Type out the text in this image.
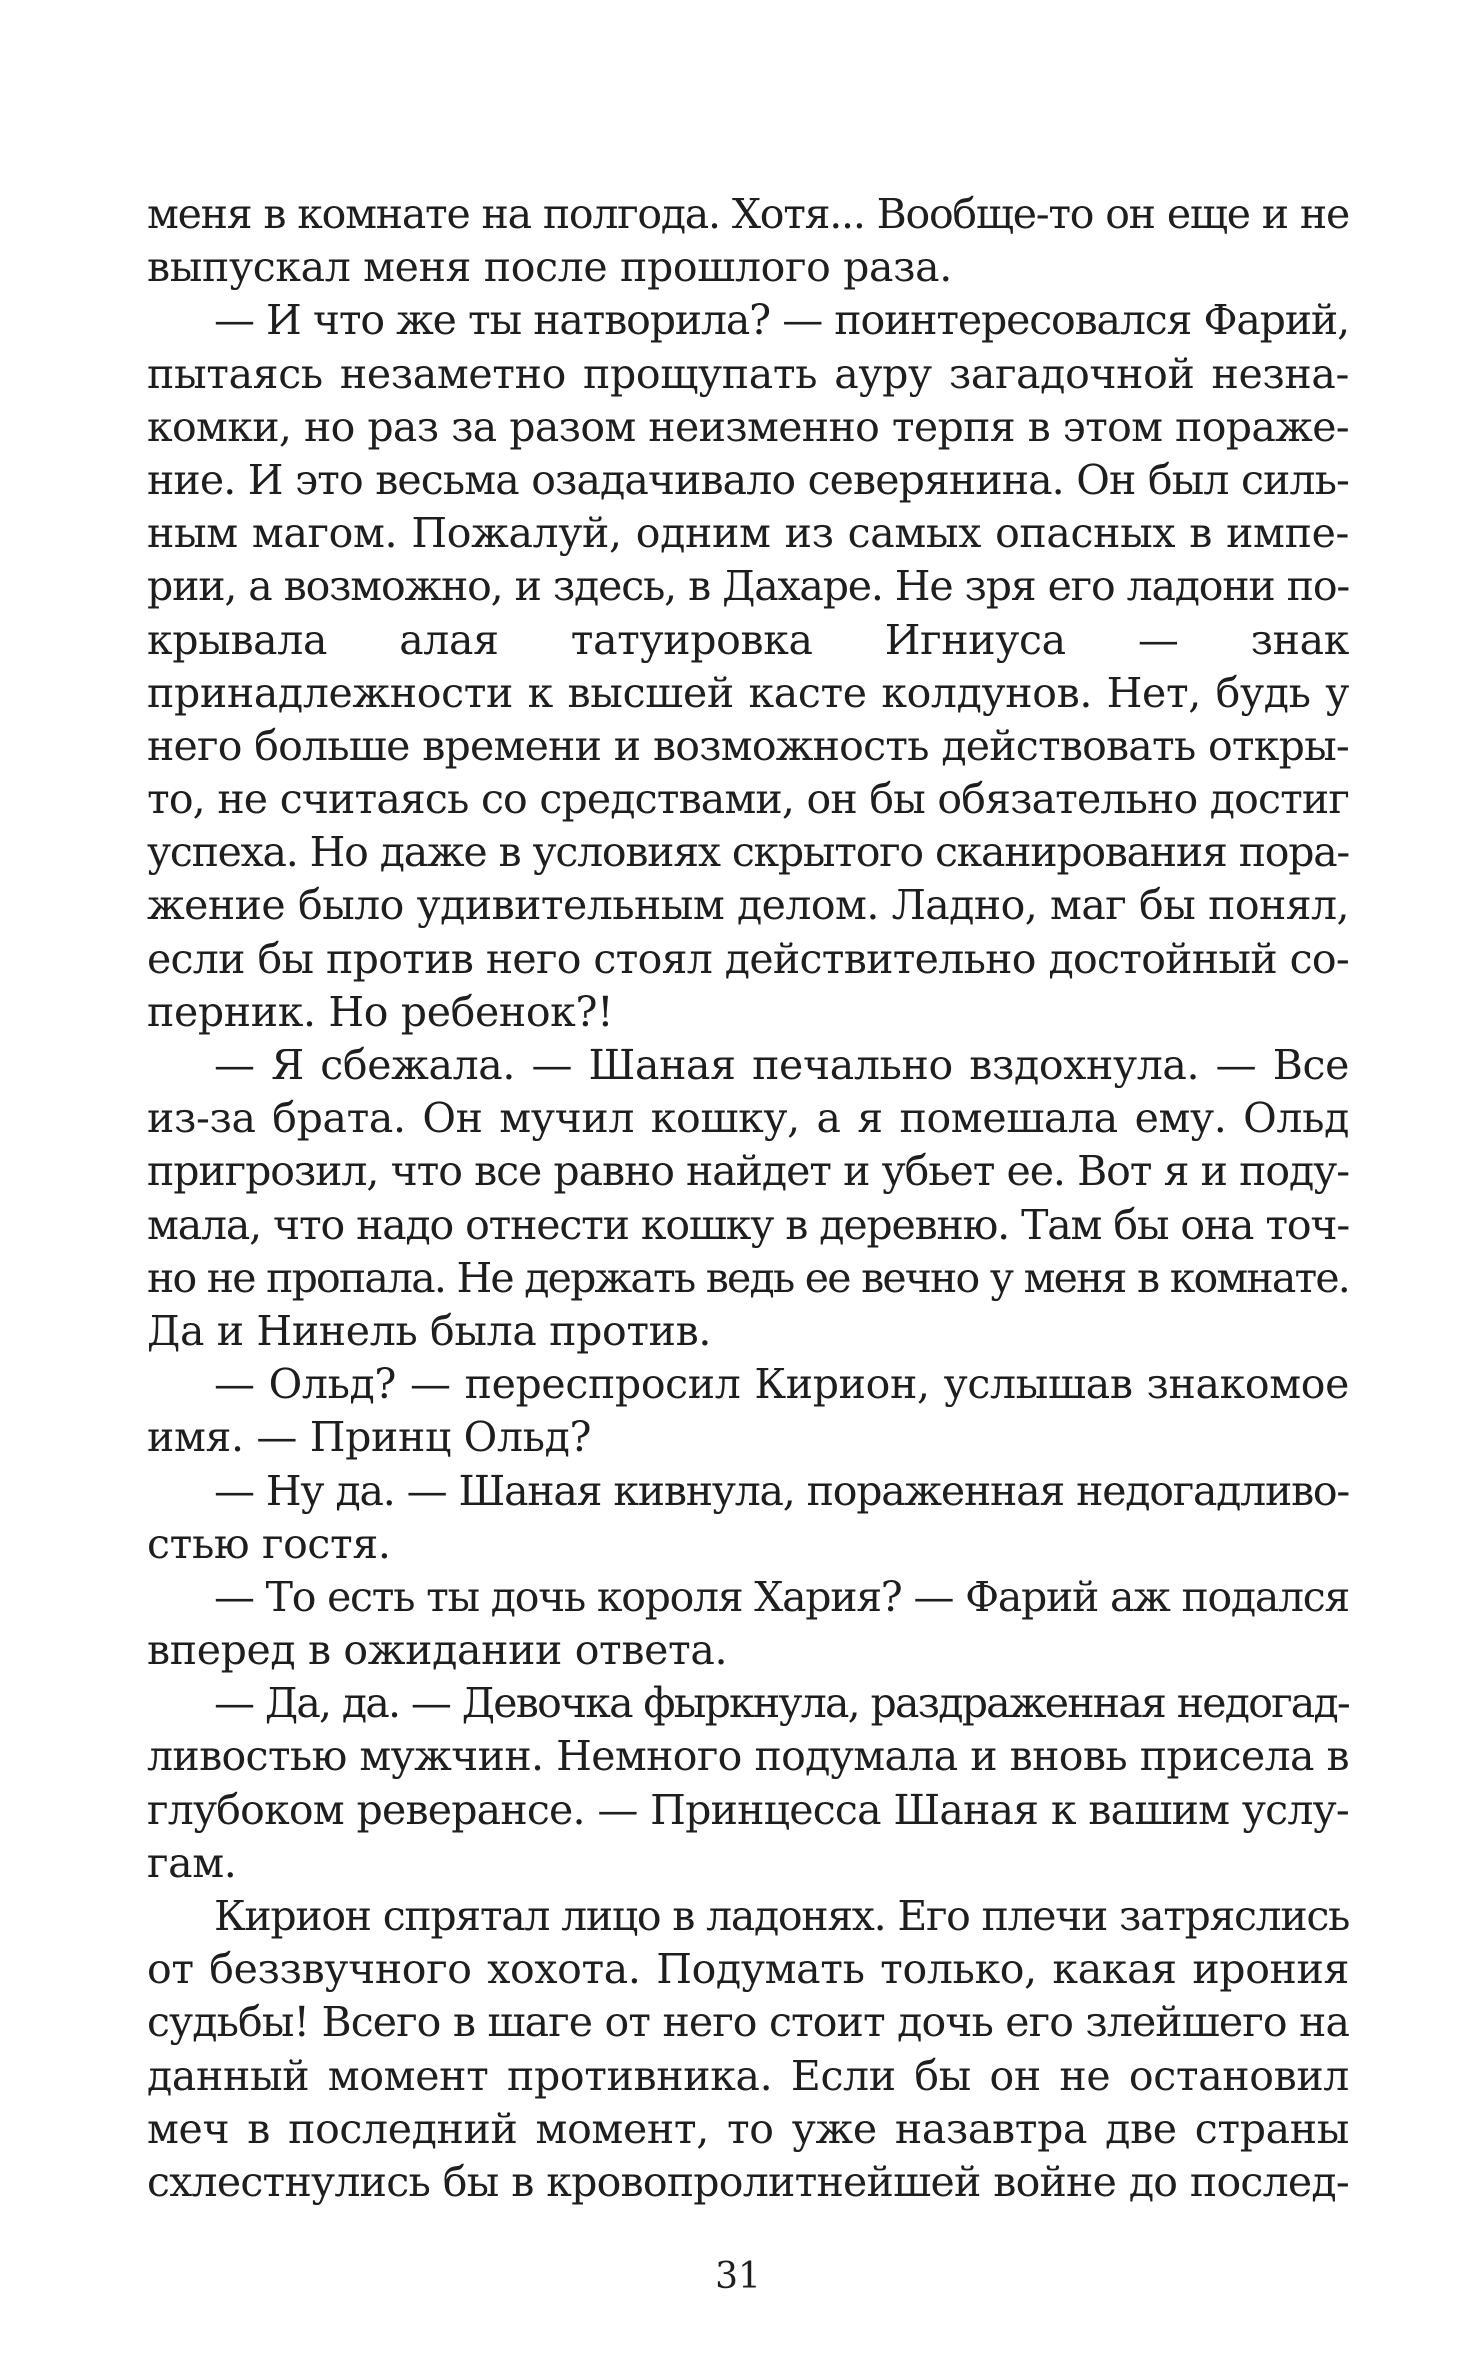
меня в комнате на полгода. Хотя... Вообще-то он еще и не
выпускал меня после прошлого раза.
— И что же ты натворила? — поинтересовался Фарий,
пытаясь незаметно прощупать ауру загадочной незна-
комки, но раз за разом неизменно терпя в этом пораже-
ние. И это весьма озадачивало северянина. Он был силь-
ным магом. Пожалуй, одним из самых опасных в импе-
рии, а возможно, и здесь, в Дахаре. Не зря его ладони по-
крывала алая татуировка Игниуса — знак
принадлежности к высшей касте колдунов. Нет, будь у
него больше времени и возможность действовать откры-
то, не считаясь со средствами, он бы обязательно достиг
успеха. Но даже в условиях скрытого сканирования пора-
жение было удивительным делом. Ладно, маг бы понял,
если бы против него стоял действительно достойный со-
перник. Но ребенок?!
— Я сбежала. — Шаная печально вздохнула. — Все
из-за брата. Он мучил кошку, а я помешала ему. Ольд
пригрозил, что все равно найдет и убьет ее. Вот я и поду-
мала, что надо отнести кошку в деревню. Там бы она точ-
но не пропала. Не держать ведь ее вечно у меня в комнате.
Да и Нинель была против.
— Ольд? — переспросил Кирион, услышав знакомое
имя. — Принц Ольд?
— Ну да. — Шаная кивнула, пораженная недогадливо-
стью гостя.
— То есть ты дочь короля Хария? — Фарий аж подался
вперед в ожидании ответа.
— Да, да. — Девочка фыркнула, раздраженная недогад-
ливостью мужчин. Немного подумала и вновь присела в
глубоком реверансе. — Принцесса Шаная к вашим услу-
гам.
Кирион спрятал лицо в ладонях. Его плечи затряслись
от беззвучного хохота. Подумать только, какая ирония
судьбы! Всего в шаге от него стоит дочь его злейшего на
данный момент противника. Если бы он не остановил
меч в последний момент, то уже назавтра две страны
схлестнулись бы в кровопролитнейшей войне до послед-
31
